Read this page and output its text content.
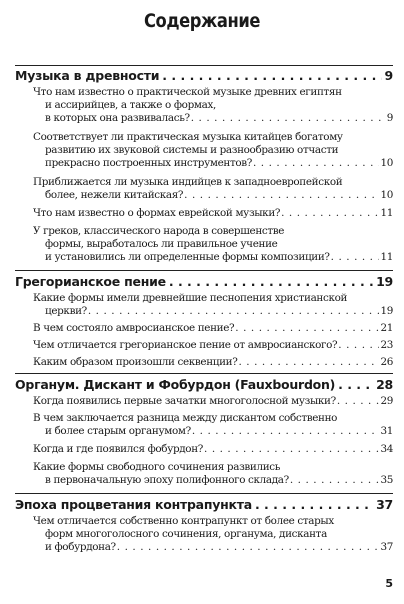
Содержание
Музыка в древности . . .	9
Что нам известно о практической музыке древних египтян
и ассирийцев, а также о формах,
в которых она развивалась? . . .	9
Соответствует ли практическая музыка китайцев богатому
развитию их звуковой системы и разнообразию отчасти
прекрасно построенных инструментов? . . .	10
Приближается ли музыка индийцев к западноевропейской
более, нежели китайская? . . .	10
Что нам известно о формах еврейской музыки? . . .	11
У греков, классического народа в совершенстве
формы, выработалось ли правильное учение
и установились ли определенные формы композиции? . . .	11
Грегорианское пение . . .	19
Какие формы имели древнейшие песнопения христианской
церкви? . . .	19
В чем состояло амвросианское пение? . . .	21
Чем отличается грегорианское пение от амвросианского? . . .	23
Каким образом произошли секвенции? . . .	26
Органум. Дискант и Фобурдон (Fauxbourdon) . . .	28
Когда появились первые зачатки многоголосной музыки? . . .	29
В чем заключается разница между дискантом собственно
и более старым органумом? . . .	31
Когда и где появился фобурдон? . . .	34
Какие формы свободного сочинения развились
в первоначальную эпоху полифонного склада? . . .	35
Эпоха процветания контрапункта . . .	37
Чем отличается собственно контрапункт от более старых
форм многоголосного сочинения, органума, дисканта
и фобурдона? . . .	37
5
